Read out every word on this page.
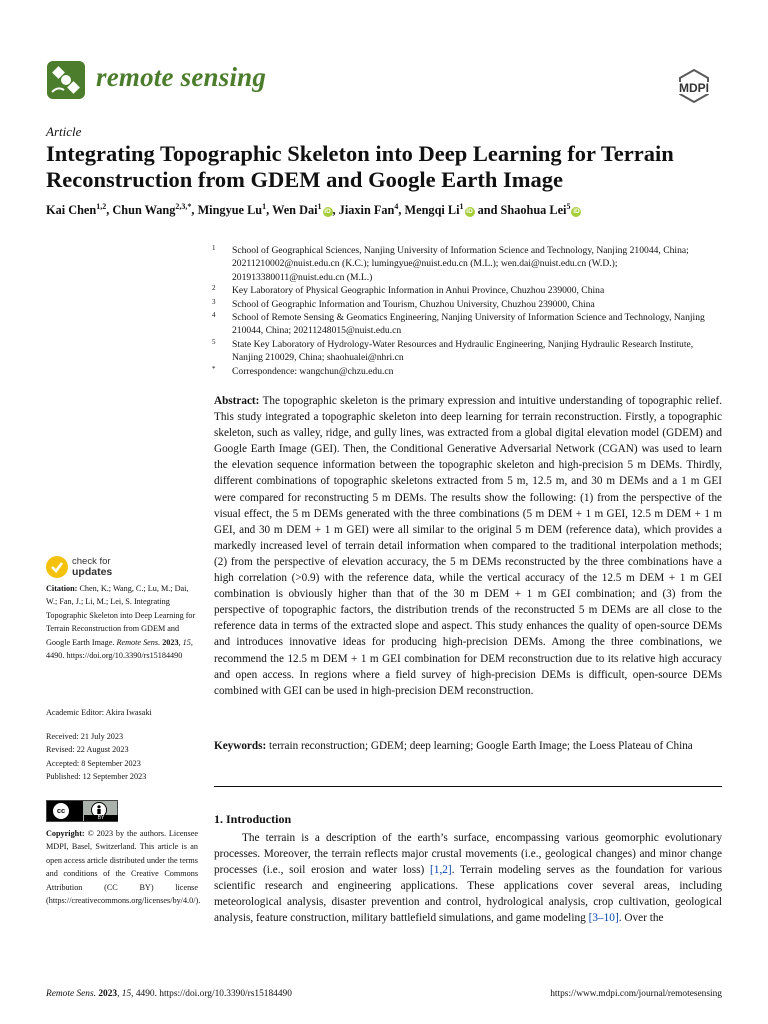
remote sensing	MDPI
Article
Integrating Topographic Skeleton into Deep Learning for Terrain Reconstruction from GDEM and Google Earth Image
Kai Chen$^{1,2}$, Chun Wang$^{2,3,*}$, Mingyue Lu$^1$, Wen Dai$^1$iD , Jiaxin Fan$^4$, Mengqi Li$^1$iD and Shaohua Lei$^5$iD
1 School of Geographical Sciences, Nanjing University of Information Science and Technology, Nanjing 210044, China; 20211210002@nuist.edu.cn (K.C.); lumingyue@nuist.edu.cn (M.L.); wen.dai@nuist.edu.cn (W.D.); 201913380011@nuist.edu.cn (M.L.)
2 Key Laboratory of Physical Geographic Information in Anhui Province, Chuzhou 239000, China
3 School of Geographic Information and Tourism, Chuzhou University, Chuzhou 239000, China
4 School of Remote Sensing & Geomatics Engineering, Nanjing University of Information Science and Technology, Nanjing 210044, China; 20211248015@nuist.edu.cn
5 State Key Laboratory of Hydrology-Water Resources and Hydraulic Engineering, Nanjing Hydraulic Research Institute, Nanjing 210029, China; shaohualei@nhri.cn
* Correspondence: wangchun@chzu.edu.cn
Abstract: The topographic skeleton is the primary expression and intuitive understanding of topographic relief. This study integrated a topographic skeleton into deep learning for terrain reconstruction. Firstly, a topographic skeleton, such as valley, ridge, and gully lines, was extracted from a global digital elevation model (GDEM) and Google Earth Image (GEI). Then, the Conditional Generative Adversarial Network (CGAN) was used to learn the elevation sequence information between the topographic skeleton and high-precision 5 m DEMs. Thirdly, different combinations of topographic skeletons extracted from 5 m, 12.5 m, and 30 m DEMs and a 1 m GEI were compared for reconstructing 5 m DEMs. The results show the following: (1) from the perspective of the visual effect, the 5 m DEMs generated with the three combinations (5 m DEM + 1 m GEI, 12.5 m DEM + 1 m GEI, and 30 m DEM + 1 m GEI) were all similar to the original 5 m DEM (reference data), which provides a markedly increased level of terrain detail information when compared to the traditional interpolation methods; (2) from the perspective of elevation accuracy, the 5 m DEMs reconstructed by the three combinations have a high correlation (>0.9) with the reference data, while the vertical accuracy of the 12.5 m DEM + 1 m GEI combination is obviously higher than that of the 30 m DEM + 1 m GEI combination; and (3) from the perspective of topographic factors, the distribution trends of the reconstructed 5 m DEMs are all close to the reference data in terms of the extracted slope and aspect. This study enhances the quality of open-source DEMs and introduces innovative ideas for producing high-precision DEMs. Among the three combinations, we recommend the 12.5 m DEM + 1 m GEI combination for DEM reconstruction due to its relative high accuracy and open access. In regions where a field survey of high-precision DEMs is difficult, open-source DEMs combined with GEI can be used in high-precision DEM reconstruction.
Keywords: terrain reconstruction; GDEM; deep learning; Google Earth Image; the Loess Plateau of China
1. Introduction
The terrain is a description of the earth’s surface, encompassing various geomorphic evolutionary processes. Moreover, the terrain reflects major crustal movements (i.e., geological changes) and minor change processes (i.e., soil erosion and water loss) [1,2]. Terrain modeling serves as the foundation for various scientific research and engineering applications. These applications cover several areas, including meteorological analysis, disaster prevention and control, hydrological analysis, crop cultivation, geological analysis, feature construction, military battlefield simulations, and game modeling [3–10]. Over the
check for
updates
Citation: Chen, K.; Wang, C.; Lu, M.; Dai, W.; Fan, J.; Li, M.; Lei, S. Integrating Topographic Skeleton into Deep Learning for Terrain Reconstruction from GDEM and Google Earth Image. Remote Sens. 2023, 15, 4490. https://doi.org/10.3390/rs15184490
Academic Editor: Akira Iwasaki
Received: 21 July 2023
Revised: 22 August 2023
Accepted: 8 September 2023
Published: 12 September 2023
cc
BY
Copyright: © 2023 by the authors. Licensee MDPI, Basel, Switzerland. This article is an open access article distributed under the terms and conditions of the Creative Commons Attribution (CC BY) license (https://creativecommons.org/licenses/by/4.0/).
Remote Sens. 2023, 15, 4490. https://doi.org/10.3390/rs15184490	https://www.mdpi.com/journal/remotesensing
